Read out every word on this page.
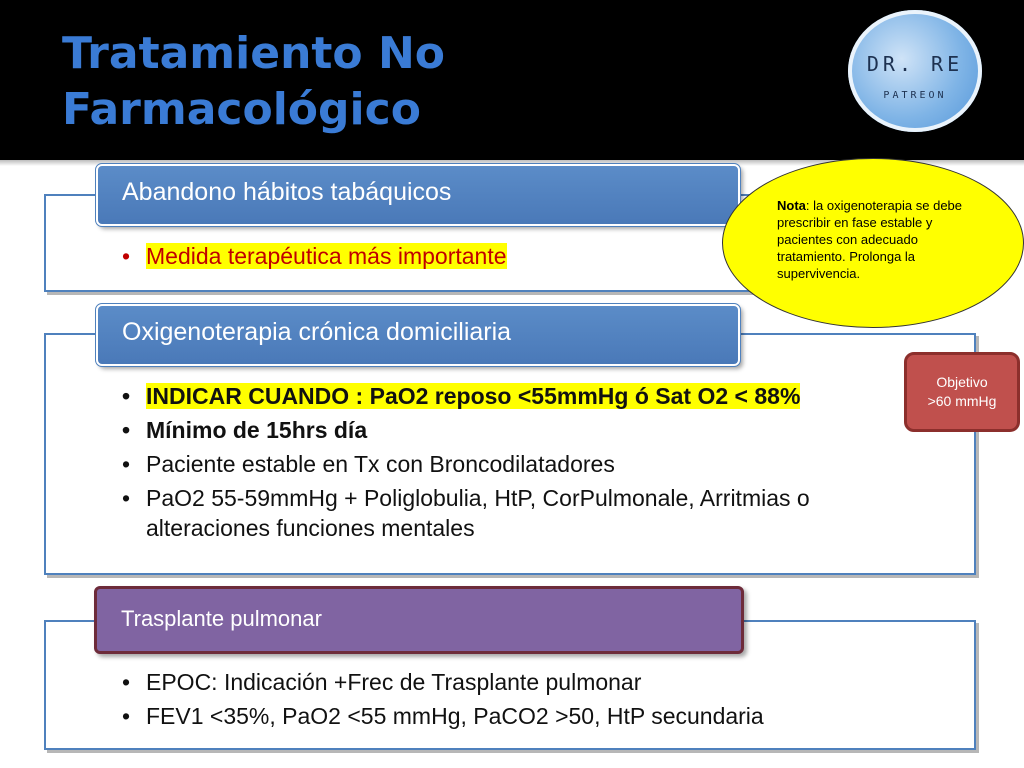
Tratamiento No
Farmacológico
DR. RE
PATREON
Abandono hábitos tabáquicos
• Medida terapéutica más importante
Oxigenoterapia crónica domiciliaria
• INDICAR CUANDO : PaO2 reposo <55mmHg ó Sat O2 < 88%
• Mínimo de 15hrs día
• Paciente estable en Tx con Broncodilatadores
• PaO2 55-59mmHg + Poliglobulia, HtP, CorPulmonale, Arritmias o alteraciones funciones mentales
Trasplante pulmonar
• EPOC: Indicación +Frec de Trasplante pulmonar
• FEV1 <35%, PaO2 <55 mmHg, PaCO2 >50, HtP secundaria
Nota: la oxigenoterapia se debe prescribir en fase estable y pacientes con adecuado tratamiento. Prolonga la supervivencia.
Objetivo
>60 mmHg
